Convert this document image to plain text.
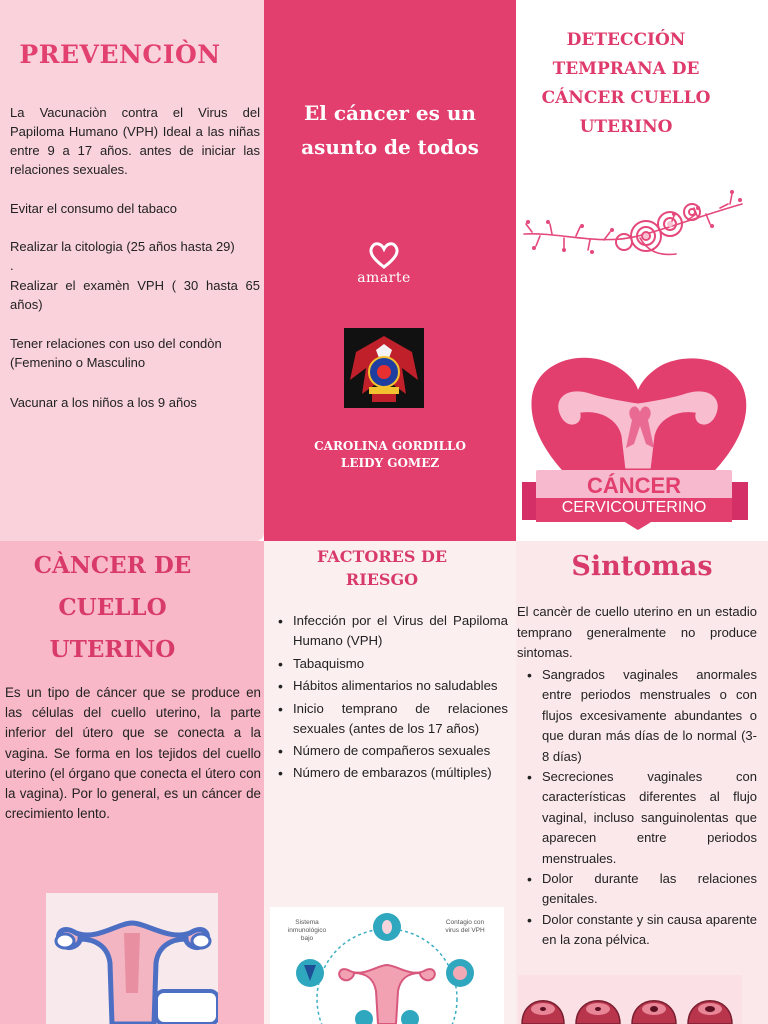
PREVENCIÒN

La Vacunaciòn contra el Virus del Papiloma Humano (VPH) Ideal a las niñas entre 9 a 17 años. antes de iniciar las relaciones sexuales.

Evitar el consumo del tabaco

Realizar la citologia (25 años hasta 29)

.

Realizar el examèn VPH ( 30 hasta 65 años)

Tener relaciones con uso del condòn (Femenino o Masculino

Vacunar a los niños a los 9 años

El cáncer es un asunto de todos
amarte
CAROLINA GORDILLO
LEIDY GOMEZ
DETECCIÓN TEMPRANA DE CÁNCER CUELLO UTERINO
CÁNCER
CERVICOUTERINO
CÀNCER DE CUELLO UTERINO

Es un tipo de cáncer que se produce en las células del cuello uterino, la parte inferior del útero que se conecta a la vagina. Se forma en los tejidos del cuello uterino (el órgano que conecta el útero con la vagina). Por lo general, es un cáncer de crecimiento lento.

FACTORES DE RIESGO
• Infección por el Virus del Papiloma Humano (VPH)
• Tabaquismo
• Hábitos alimentarios no saludables
• Inicio temprano de relaciones sexuales (antes de los 17 años)
• Número de compañeros sexuales
• Número de embarazos (múltiples)
Sistema inmunológico bajo
Contagio con virus del VPH
Sintomas

El cancèr de cuello uterino en un estadio temprano generalmente no produce sintomas.

• Sangrados vaginales anormales entre periodos menstruales o con flujos excesivamente abundantes o que duran más días de lo normal (3-8 días)
• Secreciones vaginales con características diferentes al flujo vaginal, incluso sanguinolentas que aparecen entre periodos menstruales.
• Dolor durante las relaciones genitales.
• Dolor constante y sin causa aparente en la zona pélvica.
